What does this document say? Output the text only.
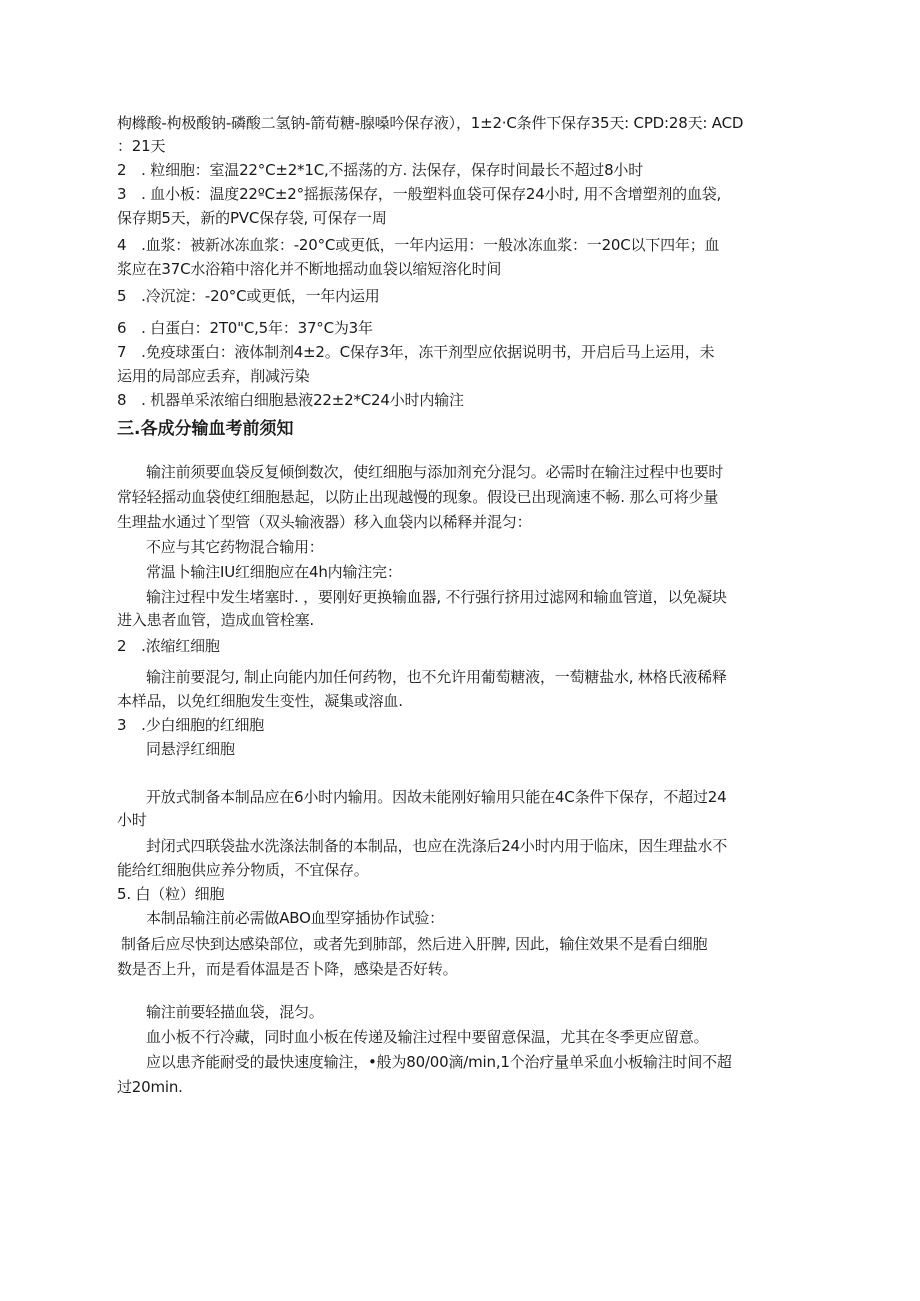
枸橼酸-枸极酸钠-磷酸二氢钠-箭荀糖-腺嗓吟保存液），1±2·C条件下保存35天: CPD:28天: ACD
：21天
2　. 粒细胞：室温22°C±2*1C,不摇荡的方. 法保存，保存时间最长不超过8小时
3　. 血小板：温度22ºC±2°摇振荡保存，一般塑料血袋可保存24小时, 用不含增塑剂的血袋,
保存期5天，新的PVC保存袋, 可保存一周
4　.血浆：被新冰冻血浆：-20°C或更低，一年内运用：一般冰冻血浆：一20C以下四年；血
浆应在37C水浴箱中溶化并不断地摇动血袋以缩短溶化时间
5　.冷沉淀：-20°C或更低，一年内运用
6　. 白蛋白：2T0"C,5年：37°C为3年
7　.免疫球蛋白：液体制剂4±2。C保存3年，冻干剂型应依据说明书，开启后马上运用，未
运用的局部应丢弃，削减污染
8　. 机器单采浓缩白细胞悬液22±2*C24小时内输注
三.各成分输血考前须知
输注前须要血袋反复倾倒数次，使红细胞与添加剂充分混匀。必需时在输注过程中也要时
常轻轻摇动血袋使红细胞悬起，以防止出现越慢的现象。假设已出现滴速不畅. 那么可将少量
生理盐水通过丫型管（双头输液器）移入血袋内以稀释并混匀：
不应与其它药物混合输用：
常温卜输注IU红细胞应在4h内输注完：
输注过程中发生堵塞时. ，要刚好更换输血器, 不行强行挤用过滤网和输血管道，以免凝块
进入患者血管，造成血管栓塞.
2　.浓缩红细胞
输注前要混匀, 制止向能内加任何药物，也不允许用葡萄糖液，一萄糖盐水, 林格氏液稀释
本样品，以免红细胞发生变性，凝集或溶血.
3　.少白细胞的红细胞
同悬浮红细胞
开放式制备本制品应在6小时内输用。因故未能刚好输用只能在4C条件下保存，不超过24
小时
封闭式四联袋盐水洗涤法制备的本制品，也应在洗涤后24小时内用于临床，因生理盐水不
能给红细胞供应养分物质，不宜保存。
5. 白（粒）细胞
本制品输注前必需做ABO血型穿插协作试验：
制备后应尽快到达感染部位，或者先到肺部，然后进入肝脾, 因此，输住效果不是看白细胞
数是否上升，而是看体温是否卜降，感染是否好转。
输注前要轻描血袋，混匀。
血小板不行冷藏，同时血小板在传递及输注过程中要留意保温，尤其在冬季更应留意。
应以患齐能耐受的最快速度输注，•般为80/00滴/min,1个治疗量单采血小板输注时间不超
过20min.
